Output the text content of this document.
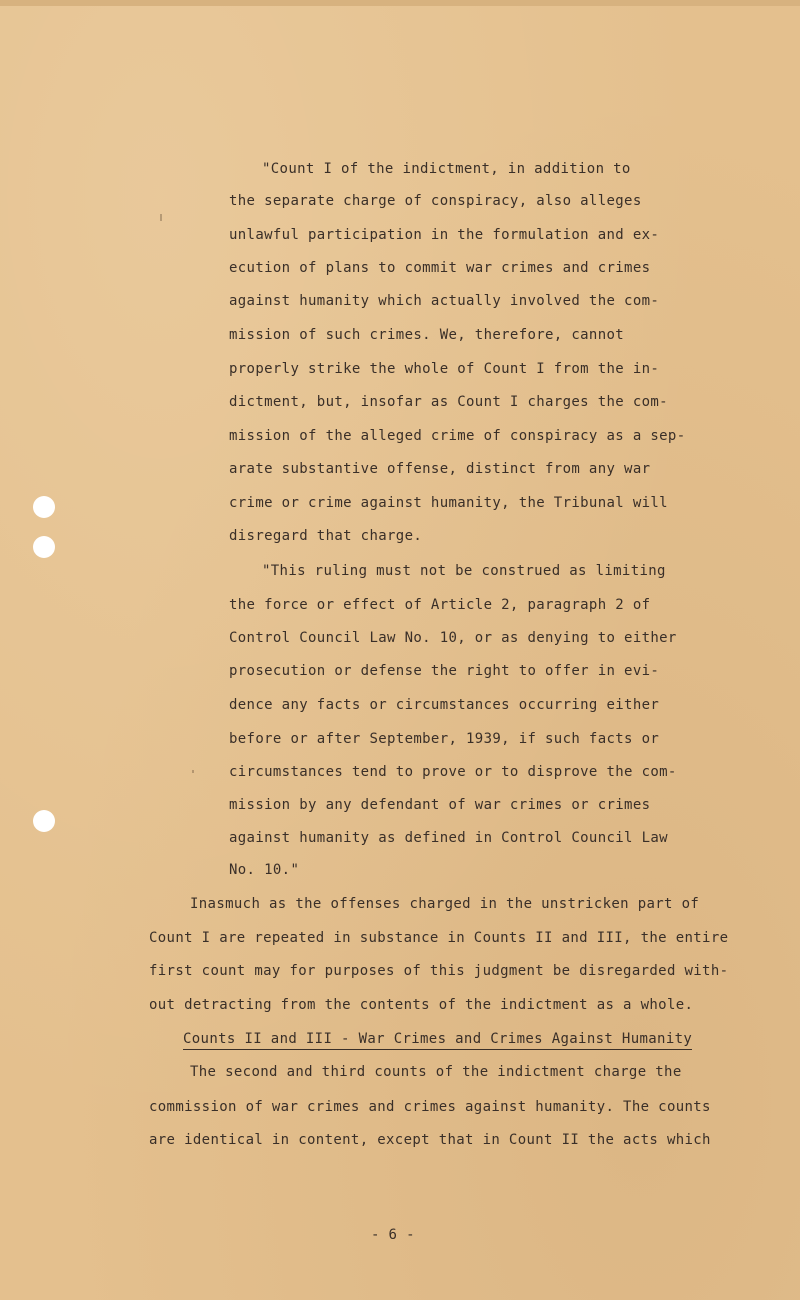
"Count I of the indictment, in addition to
the separate charge of conspiracy, also alleges
unlawful participation in the formulation and ex-
ecution of plans to commit war crimes and crimes
against humanity which actually involved the com-
mission of such crimes. We, therefore, cannot
properly strike the whole of Count I from the in-
dictment, but, insofar as Count I charges the com-
mission of the alleged crime of conspiracy as a sep-
arate substantive offense, distinct from any war
crime or crime against humanity, the Tribunal will
disregard that charge.
"This ruling must not be construed as limiting
the force or effect of Article 2, paragraph 2 of
Control Council Law No. 10, or as denying to either
prosecution or defense the right to offer in evi-
dence any facts or circumstances occurring either
before or after September, 1939, if such facts or
circumstances tend to prove or to disprove the com-
mission by any defendant of war crimes or crimes
against humanity as defined in Control Council Law
No. 10."
Inasmuch as the offenses charged in the unstricken part of
Count I are repeated in substance in Counts II and III, the entire
first count may for purposes of this judgment be disregarded with-
out detracting from the contents of the indictment as a whole.
Counts II and III - War Crimes and Crimes Against Humanity
The second and third counts of the indictment charge the
commission of war crimes and crimes against humanity. The counts
are identical in content, except that in Count II the acts which
- 6 -
